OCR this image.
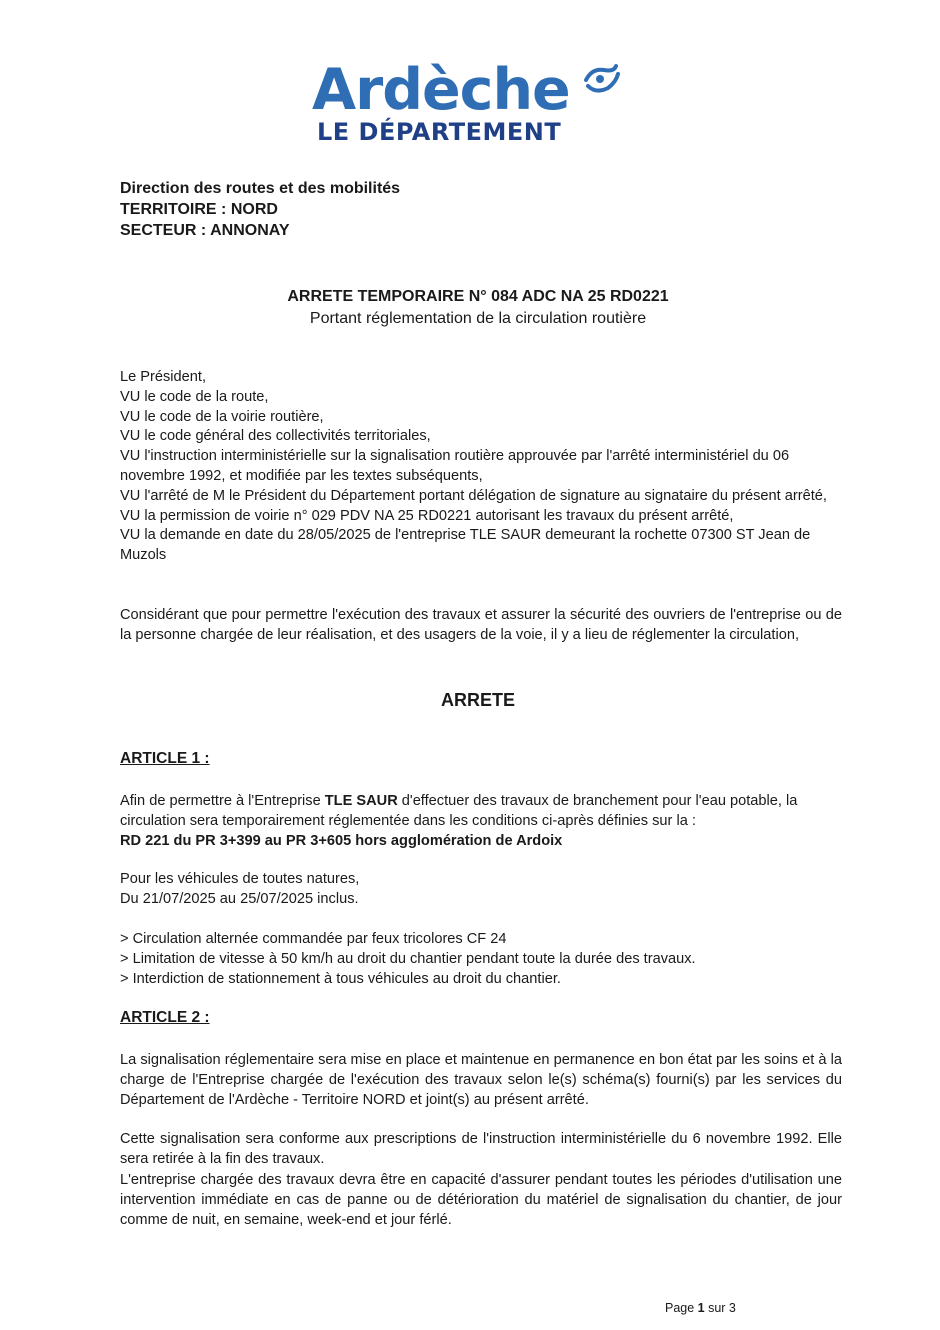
Ardèche
LE DÉPARTEMENT
Direction des routes et des mobilités
TERRITOIRE : NORD
SECTEUR : ANNONAY
ARRETE TEMPORAIRE N° 084 ADC NA 25 RD0221
Portant réglementation de la circulation routière
Le Président,
VU le code de la route,
VU le code de la voirie routière,
VU le code général des collectivités territoriales,
VU l'instruction interministérielle sur la signalisation routière approuvée par l'arrêté interministériel du 06 novembre 1992, et modifiée par les textes subséquents,
VU l'arrêté de M le Président du Département portant délégation de signature au signataire du présent arrêté,
VU la permission de voirie n° 029 PDV NA 25 RD0221 autorisant les travaux du présent arrêté,
VU la demande en date du 28/05/2025 de l'entreprise TLE SAUR demeurant la rochette 07300 ST Jean de Muzols
Considérant que pour permettre l'exécution des travaux et assurer la sécurité des ouvriers de l'entreprise ou de la personne chargée de leur réalisation, et des usagers de la voie, il y a lieu de réglementer la circulation,
ARRETE
ARTICLE 1 :
Afin de permettre à l'Entreprise TLE SAUR d'effectuer des travaux de branchement pour l'eau potable, la circulation sera temporairement réglementée dans les conditions ci-après définies sur la :
RD 221 du PR 3+399 au PR 3+605 hors agglomération de Ardoix
Pour les véhicules de toutes natures,
Du 21/07/2025 au 25/07/2025 inclus.
> Circulation alternée commandée par feux tricolores CF 24
> Limitation de vitesse à 50 km/h au droit du chantier pendant toute la durée des travaux.
> Interdiction de stationnement à tous véhicules au droit du chantier.
ARTICLE 2 :
La signalisation réglementaire sera mise en place et maintenue en permanence en bon état par les soins et à la charge de l'Entreprise chargée de l'exécution des travaux selon le(s) schéma(s) fourni(s) par les services du Département de l'Ardèche - Territoire NORD et joint(s) au présent arrêté.
Cette signalisation sera conforme aux prescriptions de l'instruction interministérielle du 6 novembre 1992. Elle sera retirée à la fin des travaux.
L'entreprise chargée des travaux devra être en capacité d'assurer pendant toutes les périodes d'utilisation une intervention immédiate en cas de panne ou de détérioration du matériel de signalisation du chantier, de jour comme de nuit, en semaine, week-end et jour férlé.
Page 1 sur 3
